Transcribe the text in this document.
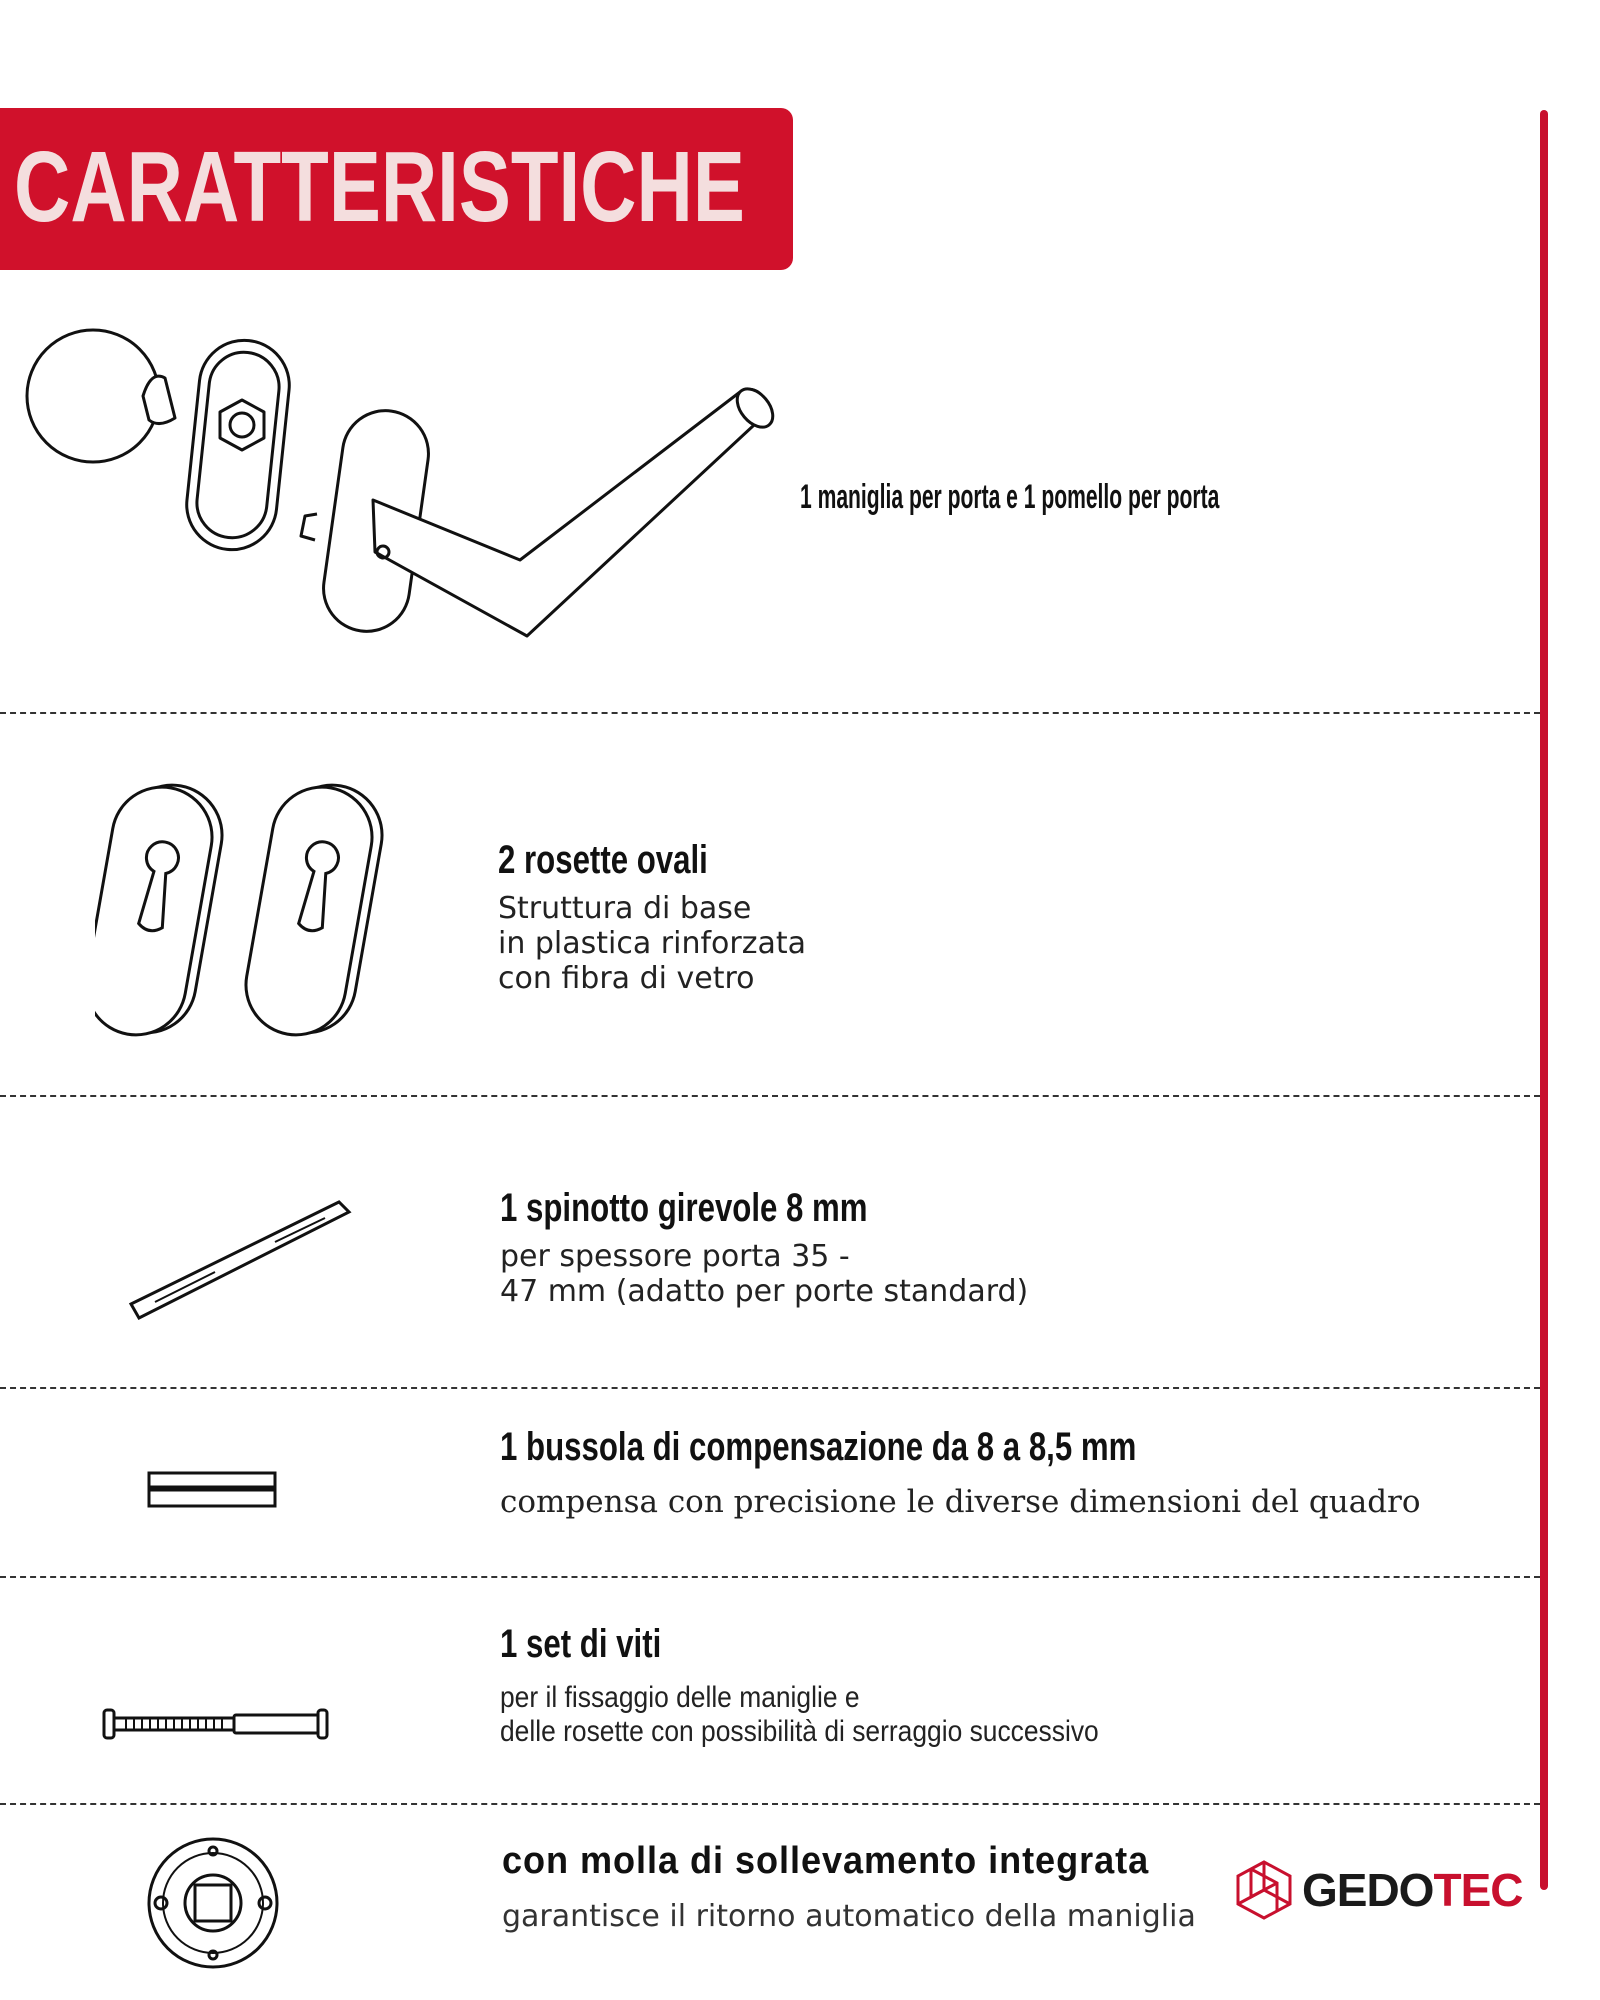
CARATTERISTICHE
1 maniglia per porta e 1 pomello per porta
2 rosette ovali
Struttura di base
in plastica rinforzata
con fibra di vetro
1 spinotto girevole 8 mm
per spessore porta 35 -
47 mm (adatto per porte standard)
1 bussola di compensazione da 8 a 8,5 mm
compensa con precisione le diverse dimensioni del quadro
1 set di viti
per il fissaggio delle maniglie e
delle rosette con possibilità di serraggio successivo
con molla di sollevamento integrata
garantisce il ritorno automatico della maniglia
GEDOTEC
